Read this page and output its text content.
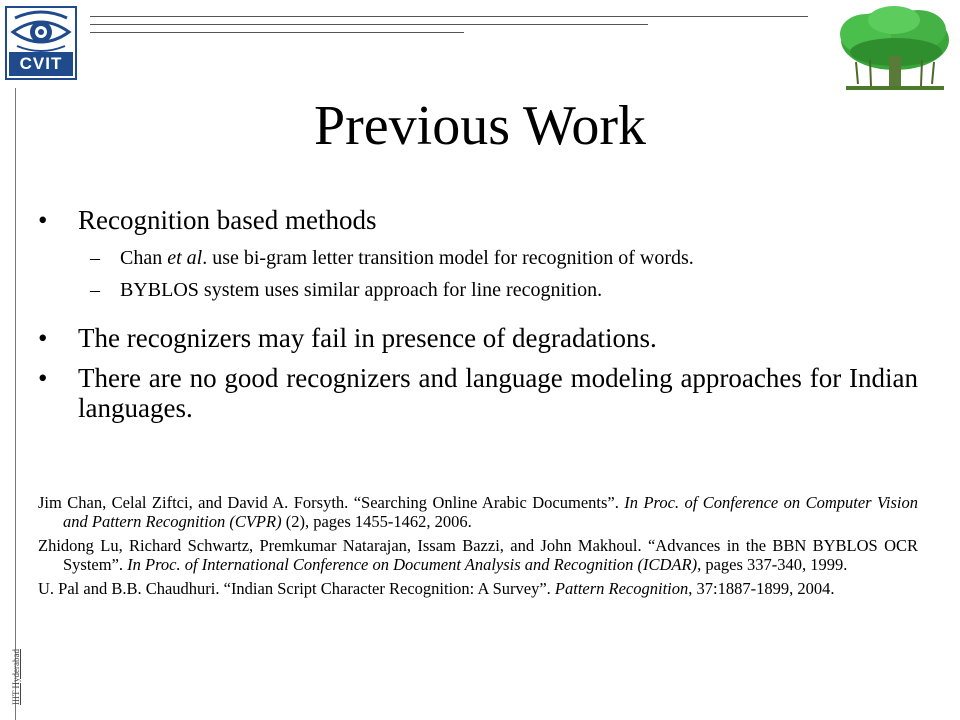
CVIT
IIIT Hyderabad
Previous Work
• Recognition based methods
– Chan et al. use bi-gram letter transition model for recognition of words.
– BYBLOS system uses similar approach for line recognition.
• The recognizers may fail in presence of degradations.
• There are no good recognizers and language modeling approaches for Indian languages.
Jim Chan, Celal Ziftci, and David A. Forsyth. “Searching Online Arabic Documents”. In Proc. of Conference on Computer Vision and Pattern Recognition (CVPR) (2), pages 1455-1462, 2006.
Zhidong Lu, Richard Schwartz, Premkumar Natarajan, Issam Bazzi, and John Makhoul. “Advances in the BBN BYBLOS OCR System”. In Proc. of International Conference on Document Analysis and Recognition (ICDAR), pages 337-340, 1999.
U. Pal and B.B. Chaudhuri. “Indian Script Character Recognition: A Survey”. Pattern Recognition, 37:1887-1899, 2004.
